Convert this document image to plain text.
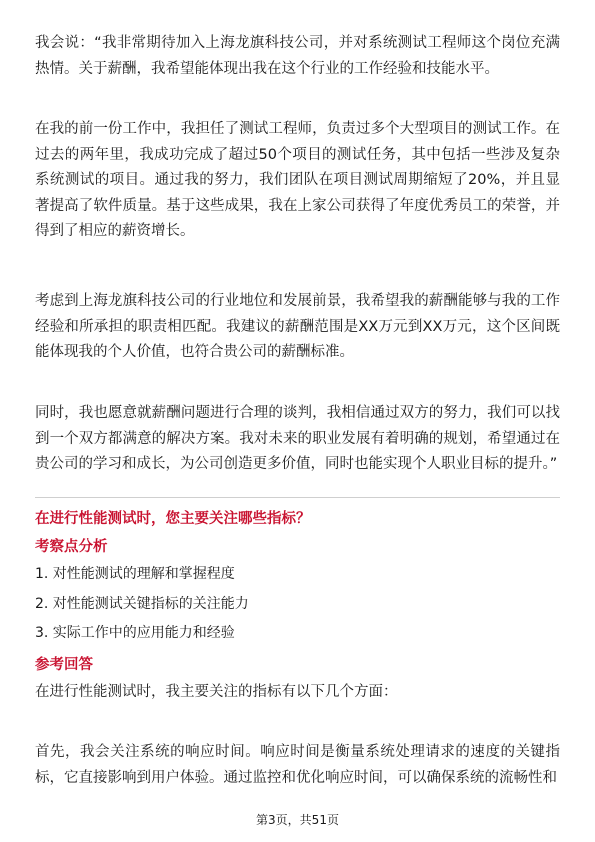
我会说：“我非常期待加入上海龙旗科技公司，并对系统测试工程师这个岗位充满热情。关于薪酬，我希望能体现出我在这个行业的工作经验和技能水平。

在我的前一份工作中，我担任了测试工程师，负责过多个大型项目的测试工作。在过去的两年里，我成功完成了超过50个项目的测试任务，其中包括一些涉及复杂系统测试的项目。通过我的努力，我们团队在项目测试周期缩短了20%，并且显著提高了软件质量。基于这些成果，我在上家公司获得了年度优秀员工的荣誉，并得到了相应的薪资增长。

考虑到上海龙旗科技公司的行业地位和发展前景，我希望我的薪酬能够与我的工作经验和所承担的职责相匹配。我建议的薪酬范围是XX万元到XX万元，这个区间既能体现我的个人价值，也符合贵公司的薪酬标准。

同时，我也愿意就薪酬问题进行合理的谈判，我相信通过双方的努力，我们可以找到一个双方都满意的解决方案。我对未来的职业发展有着明确的规划，希望通过在贵公司的学习和成长，为公司创造更多价值，同时也能实现个人职业目标的提升。”

在进行性能测试时，您主要关注哪些指标？
考察点分析
1. 对性能测试的理解和掌握程度
2. 对性能测试关键指标的关注能力
3. 实际工作中的应用能力和经验
参考回答

在进行性能测试时，我主要关注的指标有以下几个方面：

首先，我会关注系统的响应时间。响应时间是衡量系统处理请求的速度的关键指标，它直接影响到用户体验。通过监控和优化响应时间，可以确保系统的流畅性和

第3页，共51页
